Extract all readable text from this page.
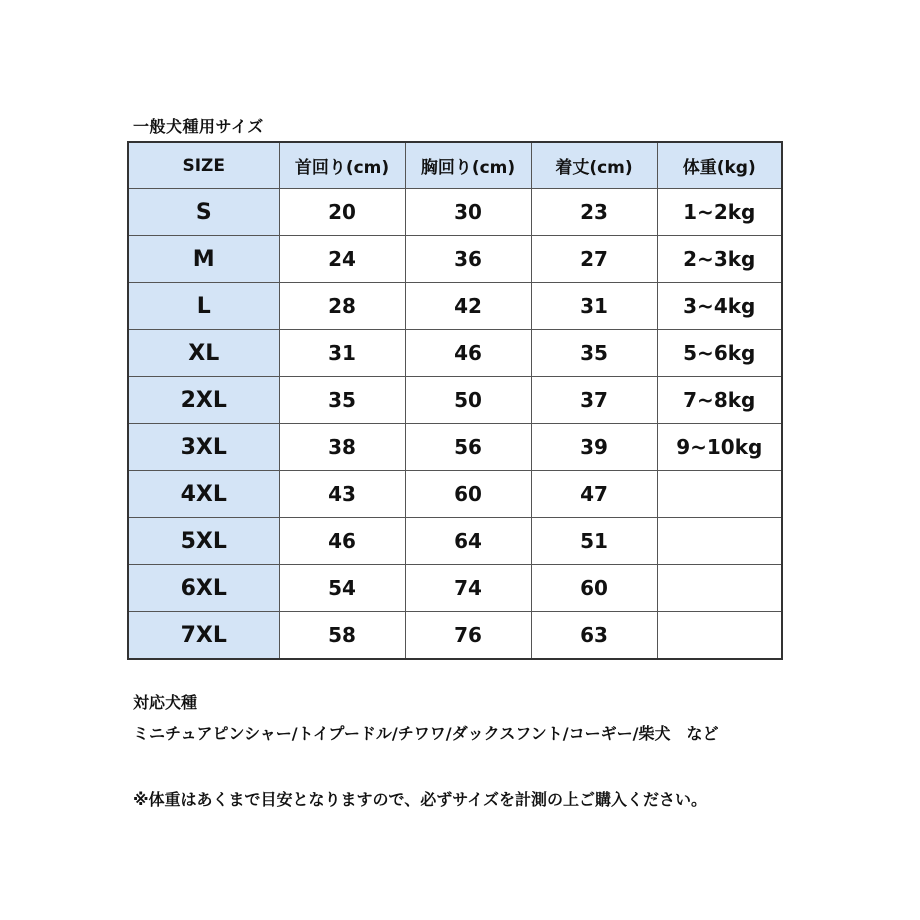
一般犬種用サイズ
SIZE	首回り(cm)	胸回り(cm)	着丈(cm)	体重(kg)
S	20	30	23	1~2kg
M	24	36	27	2~3kg
L	28	42	31	3~4kg
XL	31	46	35	5~6kg
2XL	35	50	37	7~8kg
3XL	38	56	39	9~10kg
4XL	43	60	47	
5XL	46	64	51	
6XL	54	74	60	
7XL	58	76	63	
対応犬種
ミニチュアピンシャー/トイプードル/チワワ/ダックスフント/コーギー/柴犬　など
※体重はあくまで目安となりますので、必ずサイズを計測の上ご購入ください。
